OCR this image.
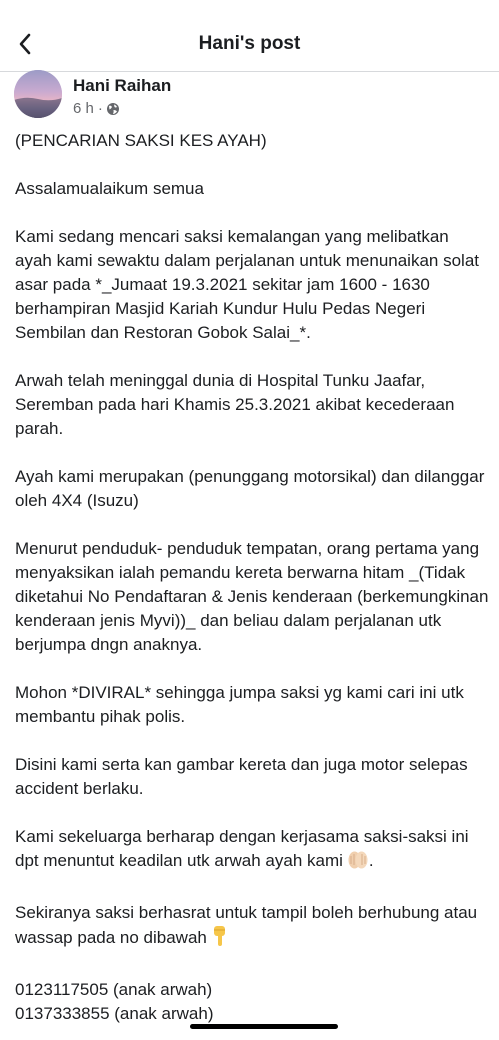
Hani's post
Hani Raihan
6 h ·

(PENCARIAN SAKSI KES AYAH)

Assalamualaikum semua

Kami sedang mencari saksi kemalangan yang melibatkan ayah kami sewaktu dalam perjalanan untuk menunaikan solat asar pada *_Jumaat 19.3.2021 sekitar jam 1600 - 1630 berhampiran Masjid Kariah Kundur Hulu Pedas Negeri Sembilan dan Restoran Gobok Salai_*.

Arwah telah meninggal dunia di Hospital Tunku Jaafar, Seremban pada hari Khamis 25.3.2021 akibat kecederaan parah.

Ayah kami merupakan (penunggang motorsikal) dan dilanggar oleh 4X4 (Isuzu)

Menurut penduduk- penduduk tempatan, orang pertama yang menyaksikan ialah pemandu kereta berwarna hitam _(Tidak diketahui No Pendaftaran & Jenis kenderaan (berkemungkinan kenderaan jenis Myvi))_ dan beliau dalam perjalanan utk berjumpa dngn anaknya.

Mohon *DIVIRAL* sehingga jumpa saksi yg kami cari ini utk membantu pihak polis.

Disini kami serta kan gambar kereta dan juga motor selepas accident berlaku.

Kami sekeluarga berharap dengan kerjasama saksi-saksi ini dpt menuntut keadilan utk arwah ayah kami .

Sekiranya saksi berhasrat untuk tampil boleh berhubung atau wassap pada no dibawah

0123117505 (anak arwah)

0137333855 (anak arwah)
